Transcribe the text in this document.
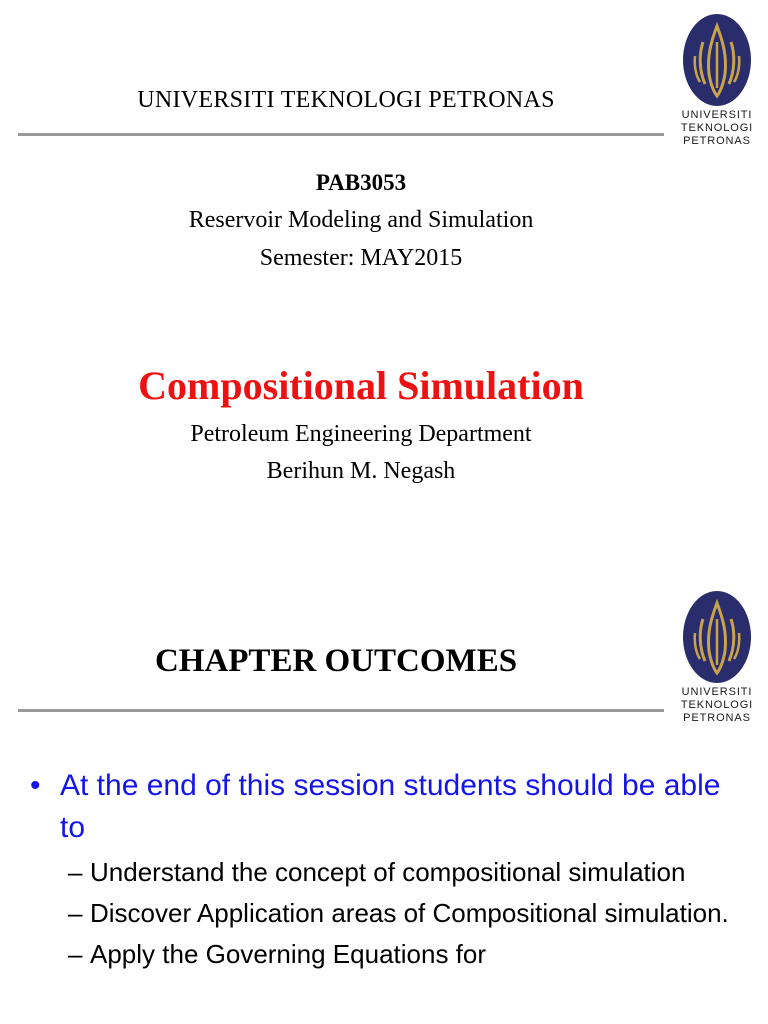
UNIVERSITI
TEKNOLOGI
PETRONAS
UNIVERSITI TEKNOLOGI PETRONAS
PAB3053
Reservoir Modeling and Simulation
Semester: MAY2015
Compositional Simulation
Petroleum Engineering Department
Berihun M. Negash
UNIVERSITI
TEKNOLOGI
PETRONAS
CHAPTER OUTCOMES
• At the end of this session students should be able to
– Understand the concept of compositional simulation
– Discover Application areas of Compositional simulation.
– Apply the Governing Equations for
